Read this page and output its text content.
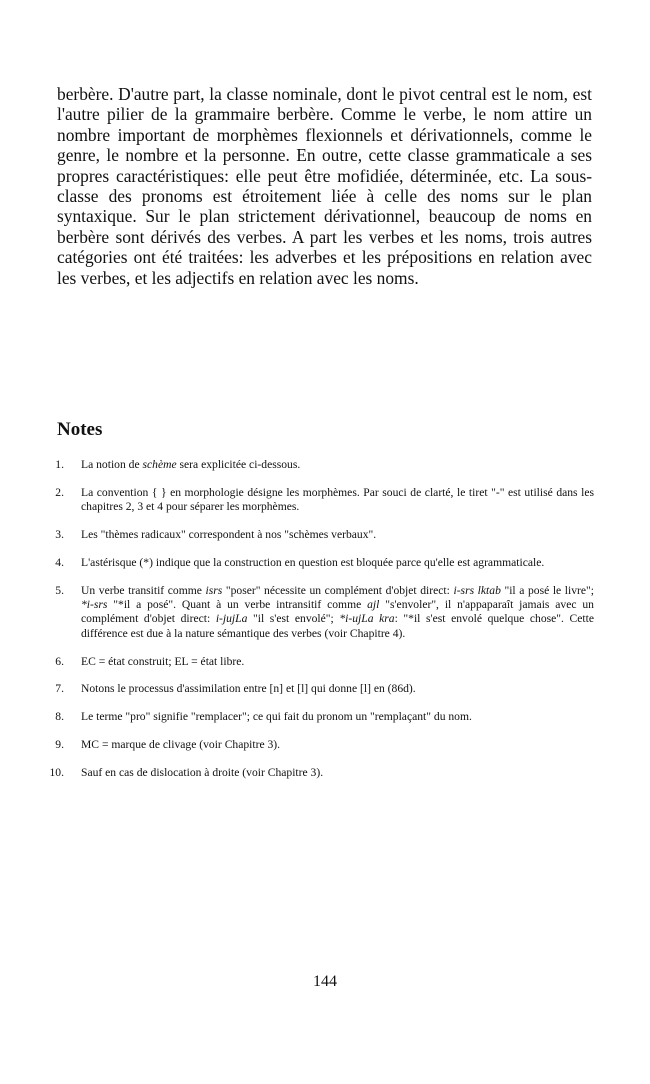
berbère. D'autre part, la classe nominale, dont le pivot central est le nom, est l'autre pilier de la grammaire berbère. Comme le verbe, le nom attire un nombre important de morphèmes flexionnels et dérivationnels, comme le genre, le nombre et la personne. En outre, cette classe grammaticale a ses propres caractéristiques: elle peut être mofidiée, déterminée, etc. La sous-classe des pronoms est étroitement liée à celle des noms sur le plan syntaxique. Sur le plan strictement dérivationnel, beaucoup de noms en berbère sont dérivés des verbes. A part les verbes et les noms, trois autres catégories ont été traitées: les adverbes et les prépositions en relation avec les verbes, et les adjectifs en relation avec les noms.

Notes
1. La notion de schème sera explicitée ci-dessous.
2. La convention { } en morphologie désigne les morphèmes. Par souci de clarté, le tiret "-" est utilisé dans les chapitres 2, 3 et 4 pour séparer les morphèmes.
3. Les "thèmes radicaux" correspondent à nos "schèmes verbaux".
4. L'astérisque (*) indique que la construction en question est bloquée parce qu'elle est agrammaticale.
5. Un verbe transitif comme isrs "poser" nécessite un complément d'objet direct: i-srs lktab "il a posé le livre"; *i-srs "*il a posé". Quant à un verbe intransitif comme ajl "s'envoler", il n'appaparaît jamais avec un complément d'objet direct: i-jujLa "il s'est envolé"; *i-ujLa kra: "*il s'est envolé quelque chose". Cette différence est due à la nature sémantique des verbes (voir Chapitre 4).
6. EC = état construit; EL = état libre.
7. Notons le processus d'assimilation entre [n] et [l] qui donne [l] en (86d).
8. Le terme "pro" signifie "remplacer"; ce qui fait du pronom un "remplaçant" du nom.
9. MC = marque de clivage (voir Chapitre 3).
10. Sauf en cas de dislocation à droite (voir Chapitre 3).

144
